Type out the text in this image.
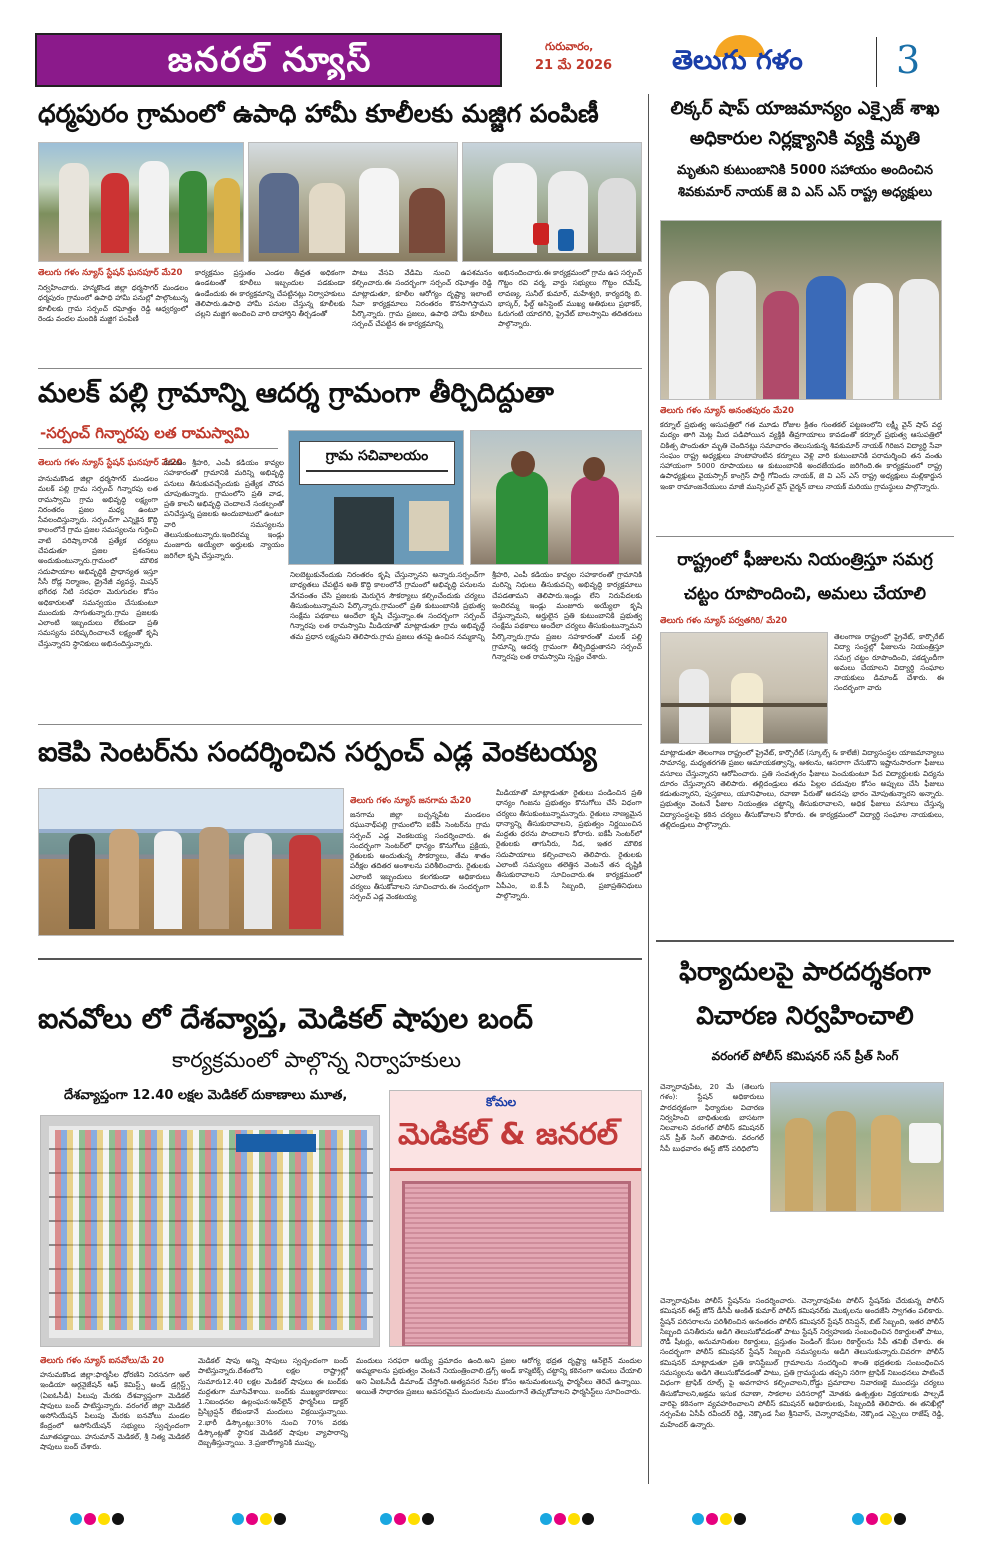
జనరల్ న్యూస్	గురువారం,
21 మే 2026 తెలుగు గళం 3
ధర్మపురం గ్రామంలో ఉపాధి హామీ కూలీలకు మజ్జిగ పంపిణీ
తెలుగు గళం న్యూస్ స్టేషన్ ఘనపూర్ మే20
నిర్వహించారు. హన్మకొండ జిల్లా ధర్మసాగర్ మండలం ధర్మపురం గ్రామంలో ఉపాధి హామీ పనుల్లో పాల్గొంటున్న కూలీలకు గ్రామ సర్పంచ్ రఘోత్తం రెడ్డి ఆధ్వర్యంలో రెండు వందల మందికి మజ్జిగ పంపిణీ
కార్యక్రమం ప్రస్తుతం ఎండల తీవ్రత అధికంగా ఉండటంతో కూలీలు ఇబ్బందుల పడకుండా ఉండేందుకు ఈ కార్యక్రమాన్ని చేపట్టినట్లు నిర్వాహకులు తెలిపారు.ఉపాధి హామీ పనుల చేస్తున్న కూలీలకు చల్లని మజ్జిగ అందించి వారి దాహార్తిని తీర్చడంతో
పాటు వేసవి వేడిమి నుంచి ఉపశమనం కల్పించారు.ఈ సందర్భంగా సర్పంచ్ రఘోత్తం రెడ్డి మాట్లాడుతూ, కూలీల ఆరోగ్యం దృష్ట్యా ఇలాంటి సేవా కార్యక్రమాలు నిరంతరం కొనసాగిస్తామని పేర్కొన్నారు. గ్రామ ప్రజలు, ఉపాధి హామీ కూలీలు సర్పంచ్ చేపట్టిన ఈ కార్యక్రమాన్ని
అభినందించారు.ఈ కార్యక్రమంలో గ్రామ ఉప సర్పంచ్ గొట్టం రవి వర్మ, వార్డు సభ్యులు గొట్టం రమేష్, లావణ్య, సునీల్ కుమార్, మహేశ్వరి, కార్యదర్శి బి. భాస్కర్, ఫీల్డ్ అసిస్టెంట్ ముఖ్య అతిథులు ప్రభాకర్, ఓరుగంటి యాదగిరి, ప్రైవేట్ బాలస్వామి తదితరులు పాల్గొన్నారు.
మలక్ పల్లి గ్రామాన్ని ఆదర్శ గ్రామంగా తీర్చిదిద్దుతా
-సర్పంచ్ గిన్నారపు లత రామస్వామి
తెలుగు గళం న్యూస్ స్టేషన్ ఘనపూర్ మే20	గ్రామ సచివాలయం
హనుమకొండ జిల్లా ధర్మసాగర్ మండలం మలక్ పల్లి గ్రామ సర్పంచ్ గిన్నారపు లత రామస్వామి గ్రామ అభివృద్ధి లక్ష్యంగా నిరంతరం ప్రజల మధ్య ఉంటూ సేవలందిస్తున్నారు. సర్పంచ్‌గా ఎన్నికైన కొద్ది కాలంలోనే గ్రామ ప్రజల సమస్యలను గుర్తించి వాటి పరిష్కారానికి ప్రత్యేక చర్యలు చేపడుతూ ప్రజల ప్రశంసలు అందుకుంటున్నారు.గ్రామంలో మౌలిక సదుపాయాల అభివృద్ధికి ప్రాధాన్యత ఇస్తూ సీసీ రోడ్ల నిర్మాణం, డ్రైనేజీ వ్యవస్థ, మిషన్ భగీరథ నీటి సరఫరా మెరుగుదల కోసం అధికారులతో సమన్వయం చేసుకుంటూ ముందుకు సాగుతున్నారు.గ్రామ ప్రజలకు ఎలాంటి ఇబ్బందులు లేకుండా ప్రతి సమస్యను పరిష్కరించాలనే లక్ష్యంతో కృషి చేస్తున్నారని స్థానికులు అభినందిస్తున్నారు.
కడియం శ్రీహరి, ఎంపీ కడియం కావ్యల సహకారంతో గ్రామానికి మరిన్ని అభివృద్ధి పనులు తీసుకువచ్చేందుకు ప్రత్యేక చొరవ చూపుతున్నారు. గ్రామంలోని ప్రతి వాడ, ప్రతి కాలనీ అభివృద్ధి చెందాలనే సంకల్పంతో పనిచేస్తున్న ప్రజలకు అందుబాటులో ఉంటూ వారి సమస్యలను తెలుసుకుంటున్నారు.ఇందిరమ్మ ఇండ్లు మంజూరు అయ్యేలా అర్హులకు న్యాయం జరిగేలా కృషి చేస్తున్నారు.
నిలబెట్టుకునేందుకు నిరంతరం కృషి చేస్తున్నానని అన్నారు.సర్పంచ్‌గా బాధ్యతలు చేపట్టిన అతి కొద్ది కాలంలోనే గ్రామంలో అభివృద్ధి పనులను వేగవంతం చేసి ప్రజలకు మెరుగైన సౌకర్యాలు కల్పించేందుకు చర్యలు తీసుకుంటున్నామని పేర్కొన్నారు.గ్రామంలో ప్రతి కుటుంబానికి ప్రభుత్వ సంక్షేమ పథకాలు అందేలా కృషి చేస్తున్నాం.ఈ సందర్భంగా సర్పంచ్ గిన్నారపు లత రామస్వామి మీడియాతో మాట్లాడుతూ గ్రామ అభివృద్ధే తమ ప్రధాన లక్ష్యమని తెలిపారు.గ్రామ ప్రజలు తనపై ఉంచిన నమ్మకాన్ని
శ్రీహరి, ఎంపీ కడియం కావ్యల సహకారంతో గ్రామానికి మరిన్ని నిధులు తీసుకువచ్చి అభివృద్ధి కార్యక్రమాలు చేపడతామని తెలిపారు.ఇండ్లు లేని నిరుపేదలకు ఇందిరమ్మ ఇండ్లు మంజూరు అయ్యేలా కృషి చేస్తున్నామని, అర్హులైన ప్రతి కుటుంబానికి ప్రభుత్వ సంక్షేమ పథకాలు అందేలా చర్యలు తీసుకుంటున్నామని పేర్కొన్నారు.గ్రామ ప్రజల సహకారంతో మలక్ పల్లి గ్రామాన్ని ఆదర్శ గ్రామంగా తీర్చిదిద్దుతానని సర్పంచ్ గిన్నారపు లత రామస్వామి స్పష్టం చేశారు.
ఐకెపి సెంటర్‌ను సందర్శించిన సర్పంచ్ ఎడ్ల వెంకటయ్య
తెలుగు గళం న్యూస్ జనగామ మే20
జనగామ జిల్లా బచ్చన్నపేట మండలం రఘునాథ్‌పల్లి గ్రామంలోని ఐకేపీ సెంటర్‌ను గ్రామ సర్పంచ్ ఎడ్ల వెంకటయ్య సందర్శించారు. ఈ సందర్భంగా సెంటర్‌లో ధాన్యం కొనుగోలు ప్రక్రియ, రైతులకు అందుతున్న సౌకర్యాలు, తేమ శాతం పరీక్షల తదితర అంశాలను పరిశీలించారు. రైతులకు ఎలాంటి ఇబ్బందులు కలగకుండా అధికారులు చర్యలు తీసుకోవాలని సూచించారు.ఈ సందర్భంగా సర్పంచ్ ఎడ్ల వెంకటయ్య
మీడియాతో మాట్లాడుతూ రైతులు పండించిన ప్రతి ధాన్యం గింజను ప్రభుత్వం కొనుగోలు చేసే విధంగా చర్యలు తీసుకుంటున్నామన్నారు. రైతులు నాణ్యమైన ధాన్యాన్ని తీసుకురావాలని, ప్రభుత్వం నిర్ణయించిన మద్దతు ధరను పొందాలని కోరారు. ఐకేపీ సెంటర్‌లో రైతులకు తాగునీరు, నీడ, ఇతర మౌలిక సదుపాయాలు కల్పించాలని తెలిపారు. రైతులకు ఎలాంటి సమస్యలు తలెత్తిన వెంటనే తన దృష్టికి తీసుకురావాలని సూచించారు.ఈ కార్యక్రమంలో ఏపీఎం, ఐ.కే.పీ సిబ్బంది, ప్రజాప్రతినిధులు పాల్గొన్నారు.
ఐనవోలు లో దేశవ్యాప్త, మెడికల్ షాపుల బంద్
కార్యక్రమంలో పాల్గొన్న నిర్వాహకులు
దేశవ్యాప్తంగా 12.40 లక్షల మెడికల్ దుకాణాలు మూత,
	కోమల
మెడికల్ & జనరల్
తెలుగు గళం న్యూస్ ఐనవోలు/మే 20
హనుమకొండ జిల్లా:ఫార్మసీల ధోరణిని నిరసనగా ఆల్ ఇండియా ఆర్గనైజేషన్ ఆఫ్ కెమిస్ట్స్ అండ్ డ్రగ్గిస్ట్స్ (ఏఐఓసీడీ) పిలుపు మేరకు దేశవ్యాప్తంగా మెడికల్ షాపులు బంద్ పాటిస్తున్నారు. వరంగల్ జిల్లా మెడికల్ అసోసియేషన్ పిలుపు మేరకు ఐనవోలు మండల కేంద్రంలో అసోసియేషన్ సభ్యులు స్వచ్ఛందంగా మూతపడ్డాయి. హనుమాన్ మెడికల్, శ్రీ నిత్య మెడికల్ షాపులు బంద్ చేశారు.
మెడికల్ షాపు అన్ని షాపులు స్వచ్ఛందంగా బంద్ పాటిస్తున్నారు.దేశంలోని లక్షల రాష్ట్రాల్లో సుమారు12.40 లక్షల మెడికల్ షాపులు ఈ బంద్‌కు మద్దతుగా మూసివేశాయి. బంద్‌కు ముఖ్యకారణాలు: 1.నిబంధనల ఉల్లంఘన:ఆన్‌లైన్ ఫార్మసీలు డాక్టర్ ప్రిస్క్రిప్షన్ లేకుండానే మందులు విక్రయిస్తున్నాయి. 2.భారీ డిస్కౌంట్లు:30% నుంచి 70% వరకు డిస్కౌంట్లతో స్థానిక మెడికల్ షాపుల వ్యాపారాన్ని దెబ్బతీస్తున్నాయి. 3.ప్రజారోగ్యానికి ముప్పు.
మందులు సరఫరా అయ్యే ప్రమాదం ఉంది.అని ప్రజల ఆరోగ్య భద్రత దృష్ట్యా ఆన్‌లైన్ మందుల అమ్మకాలను ప్రభుత్వం వెంటనే నియంత్రించాలి.డ్రగ్స్ అండ్ కాస్మెటిక్స్ చట్టాన్ని కఠినంగా అమలు చేయాలి అని ఏఐఓసీడీ డిమాండ్ చేస్తోంది.అత్యవసర సేవల కోసం అనుమతులున్న ఫార్మసీలు తెరిచే ఉన్నాయి. అయితే సాధారణ ప్రజలు అవసరమైన మందులను ముందుగానే తెచ్చుకోవాలని ఫార్మసిస్ట్‌లు సూచించారు.
లిక్కర్ షాప్ యాజమాన్యం ఎక్సైజ్ శాఖ
అధికారుల నిర్లక్ష్యానికి వ్యక్తి మృతి
మృతుని కుటుంబానికి 5000 సహాయం అందించిన
శివకుమార్ నాయక్ జె వి ఎస్ ఎస్ రాష్ట్ర అధ్యక్షులు
తెలుగు గళం న్యూస్ అనంతపురం మే20
కర్నూల్ ప్రభుత్వ ఆసుపత్రిలో గత మూడు రోజుల క్రితం గుంతకల్ పట్టణంలోని లక్ష్మీ వైన్ షాప్ వద్ద మద్యం తాగి మెట్ల మీద పడిపోయిన వ్యక్తికి తీవ్రగాయాలు కావడంతో కర్నూల్ ప్రభుత్వ ఆసుపత్రిలో చికిత్స పొందుతూ మృతి చెందినట్లు సమాచారం తెలుసుకున్న శివకుమార్ నాయక్ గిరిజన విద్యార్థి సేవా సంఘం రాష్ట్ర అధ్యక్షులు హుటాహుటిన కర్నూలు వెళ్లి వారి కుటుంబానికి పరామర్శించి తన వంతు సహాయంగా 5000 రూపాయలు ఆ కుటుంబానికి అందజేయడం జరిగింది.ఈ కార్యక్రమంలో రాష్ట్ర ఉపాధ్యక్షులు వైయస్సార్ కాంగ్రెస్ పార్టీ గోవిందు నాయక్, జె వి ఎస్ ఎస్ రాష్ట్ర అధ్యక్షులు మల్లికార్జున ఇంకా రామాంజనేయులు మాజీ మున్సిపల్ వైస్ చైర్మన్ బాలు నాయక్ మరియు గ్రామస్థులు పాల్గొన్నారు.
రాష్ట్రంలో ఫీజులను నియంత్రిస్తూ సమగ్ర
చట్టం రూపొందించి, అమలు చేయాలి
తెలుగు గళం న్యూస్ పర్వతగిరి/ మే20
తెలంగాణ రాష్ట్రంలో ప్రైవేట్, కార్పొరేట్ విద్యా సంస్థల్లో ఫీజులను నియంత్రిస్తూ సమగ్ర చట్టం రూపొందించి, పకడ్బందీగా అమలు చేయాలని విద్యార్థి సంఘాల నాయకులు డిమాండ్ చేశారు. ఈ సందర్భంగా వారు
మాట్లాడుతూ తెలంగాణ రాష్ట్రంలో ప్రైవేట్, కార్పొరేట్ (స్కూల్స్ & కాలేజీ) విద్యాసంస్థల యాజమాన్యాలు సామాన్య, మధ్యతరగతి ప్రజల ఆమాయకత్వాన్ని, ఆశలను, ఆసరాగా చేసుకొని ఇష్టానుసారంగా ఫీజులు వసూలు చేస్తున్నారని ఆరోపించారు. ప్రతి సంవత్సరం ఫీజులు పెంచుకుంటూ పేద విద్యార్థులకు విద్యను దూరం చేస్తున్నారని తెలిపారు. తల్లిదండ్రులు తమ పిల్లల చదువుల కోసం అప్పులు చేసి ఫీజులు కడుతున్నారని, పుస్తకాలు, యూనిఫాంలు, రవాణా పేరుతో అదనపు భారం మోపుతున్నారని అన్నారు. ప్రభుత్వం వెంటనే ఫీజుల నియంత్రణ చట్టాన్ని తీసుకురావాలని, అధిక ఫీజులు వసూలు చేస్తున్న విద్యాసంస్థలపై కఠిన చర్యలు తీసుకోవాలని కోరారు. ఈ కార్యక్రమంలో విద్యార్థి సంఘాల నాయకులు, తల్లిదండ్రులు పాల్గొన్నారు.
ఫిర్యాదులపై పారదర్శకంగా
విచారణ నిర్వహించాలి
వరంగల్ పోలీస్ కమిషనర్ సన్ ప్రీత్ సింగ్
చెన్నారావుపేట, 20 మే (తెలుగు గళం): స్టేషన్ అధికారులు పారదర్శకంగా ఫిర్యాదుల విచారణ నిర్వహించి బాధితులకు బాసటగా నిలవాలని వరంగల్ పోలీస్ కమిషనర్ సన్ ప్రీత్ సింగ్ తెలిపారు. వరంగల్ సీపీ బుధవారం ఈస్ట్ జోన్ పరిధిలోని
చెన్నారావుపేట పోలీస్ స్టేషన్‌ను సందర్శించారు. చెన్నారావుపేట పోలీస్ స్టేషన్‌కు చేరుకున్న పోలీస్ కమిషనర్ ఈస్ట్ జోన్ డీసీపీ అంకిత్ కుమార్ పోలీస్ కమిషనర్‌కు మొక్కలను అందజేసి స్వాగతం పలికారు. స్టేషన్ పరిసరాలను పరిశీలించిన అనంతరం పోలీస్ కమిషనర్ స్టేషన్ రిసెప్షన్, బిట్ సిబ్బంది, ఇతర పోలీస్ సిబ్బంది పనితీరును అడిగి తెలుసుకోవడంతో పాటు స్టేషన్ నిర్వహణకు సంబంధించిన రికార్డులతో పాటు, రౌడీ షీటర్లు, అనుమానితుల రికార్డులు, ప్రస్తుతం పెండింగ్ కేసుల రికార్డ్‌లను సీపీ తనిఖీ చేశారు. ఈ సందర్భంగా పోలీస్ కమిషనర్ స్టేషన్ సిబ్బంది సమస్యలను అడిగి తెలుసుకున్నారు.చివరగా పోలీస్ కమిషనర్ మాట్లాడుతూ ప్రతి కానిస్టేబుల్ గ్రామాలను సందర్శించి శాంతి భద్రతలకు సంబంధించిన సమస్యలను అడిగి తెలుసుకోవడంతో పాటు, ప్రతి గ్రామస్థుడు తప్పని సరిగా ట్రాఫిక్ నిబంధనలు పాటించే విధంగా ట్రాఫిక్ రూల్స్ పై అవగాహన కల్పించాలని,రోడ్డు ప్రమాదాల నివారణకై ముందస్తు చర్యలు తీసుకోవాలని,అక్రమ ఇసుక రవాణా, సాకలాల పరిసరాల్లో మోతకు ఉత్పత్తుల విక్రయాలకు పాల్పడే వారిపై కఠినంగా వ్యవహరించాలని పోలీస్ కమిషనర్ అధికారులకు, సిబ్బందికి తెలిపారు. ఈ తనిఖీల్లో నర్సంపేట ఏసీపీ రవీందర్ రెడ్డి, నెక్కొండ సీఐ శ్రీనివాస్, చెన్నారావుపేట, నెక్కొండ ఎస్సైలు రాజేష్ రెడ్డి, మహేందర్ ఉన్నారు.
